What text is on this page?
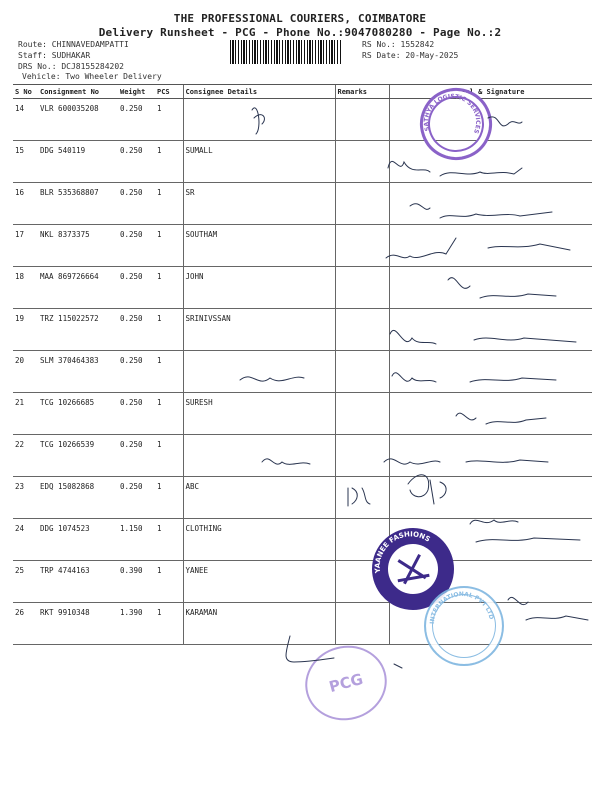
THE PROFESSIONAL COURIERS, COIMBATORE
Delivery Runsheet - PCG - Phone No.:9047080280 - Page No.:2
Route: CHINNAVEDAMPATTI
Staff: SUDHAKAR
DRS No.: DCJ8155284202
Vehicle: Two Wheeler Delivery
RS No.: 1552842
RS Date: 20-May-2025
S No	Consignment No	Weight	PCS	Consignee Details	Remarks	Seal & Signature
14	VLR 600035208	0.250	1			
15	DDG 540119	0.250	1	SUMALL		
16	BLR 535368807	0.250	1	SR		
17	NKL 8373375	0.250	1	SOUTHAM		
18	MAA 869726664	0.250	1	JOHN		
19	TRZ 115022572	0.250	1	SRINIVSSAN		
20	SLM 370464383	0.250	1			
21	TCG 10266685	0.250	1	SURESH		
22	TCG 10266539	0.250	1			
23	EDQ 15082868	0.250	1	ABC		
24	DDG 1074523	1.150	1	CLOTHING		
25	TRP 4744163	0.390	1	YANEE		
26	RKT 9910348	1.390	1	KARAMAN		
SATHYA LOGISTIC SERVICES
YAANEE FASHIONS
INTERNATIONAL PVT LTD
PCG
